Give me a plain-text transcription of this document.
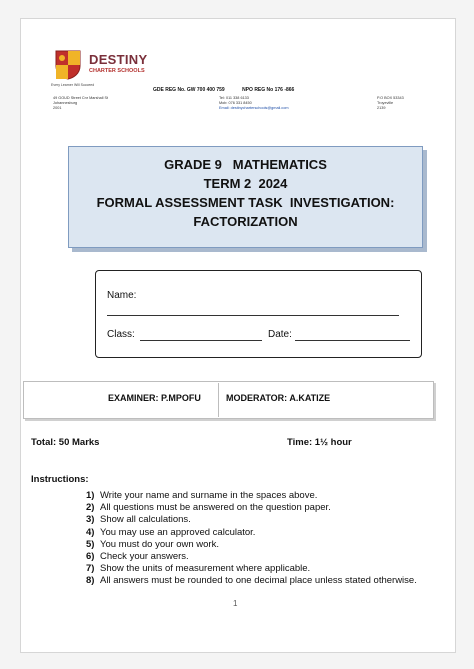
DESTINY
CHARTER SCHOOLS
Every Learner Will Succeed
GDE REG No. GW 700 400 759	NPO REG No 176 -866
49 GOUD Street Cnr Marshall St
Johannesburg
2001
Tel: 011 338 6133
Mob: 076 331 8450
Email: destinycharterschools@gmail.com
P.O BOX 53343
Troyeville
2139
GRADE 9   MATHEMATICS
TERM 2  2024
FORMAL ASSESSMENT TASK  INVESTIGATION:
FACTORIZATION
Name:
Class:	Date:
EXAMINER: P.MPOFU	MODERATOR: A.KATIZE
Total: 50 Marks	Time: 1½ hour
Instructions:
1) Write your name and surname in the spaces above.
2) All questions must be answered on the question paper.
3) Show all calculations.
4) You may use an approved calculator.
5) You must do your own work.
6) Check your answers.
7) Show the units of measurement where applicable.
8) All answers must be rounded to one decimal place unless stated otherwise.
1
